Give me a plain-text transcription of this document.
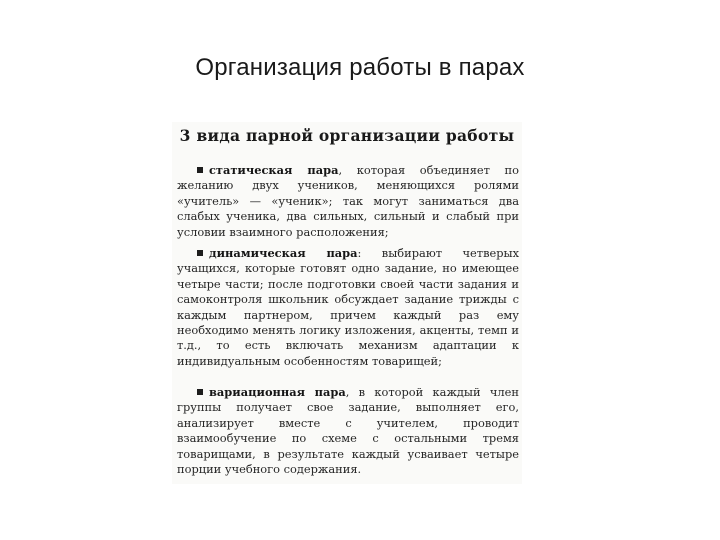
Организация работы в парах
3 вида парной организации работы
статическая пара, которая объединяет по желанию двух учеников, меняющихся ролями «учитель» — «ученик»; так могут заниматься два слабых ученика, два сильных, сильный и слабый при условии взаимного расположения;
динамическая пара: выбирают четверых учащихся, которые готовят одно задание, но имеющее четыре части; после подготовки своей части задания и самоконтроля школьник обсуждает задание трижды с каждым партнером, причем каждый раз ему необходимо менять логику изложения, акценты, темп и т.д., то есть включать механизм адаптации к индивидуальным особенностям товарищей;
вариационная пара, в которой каждый член группы получает свое задание, выполняет его, анализирует вместе с учителем, проводит взаимообучение по схеме с остальными тремя товарищами, в результате каждый усваивает четыре порции учебного содержания.
